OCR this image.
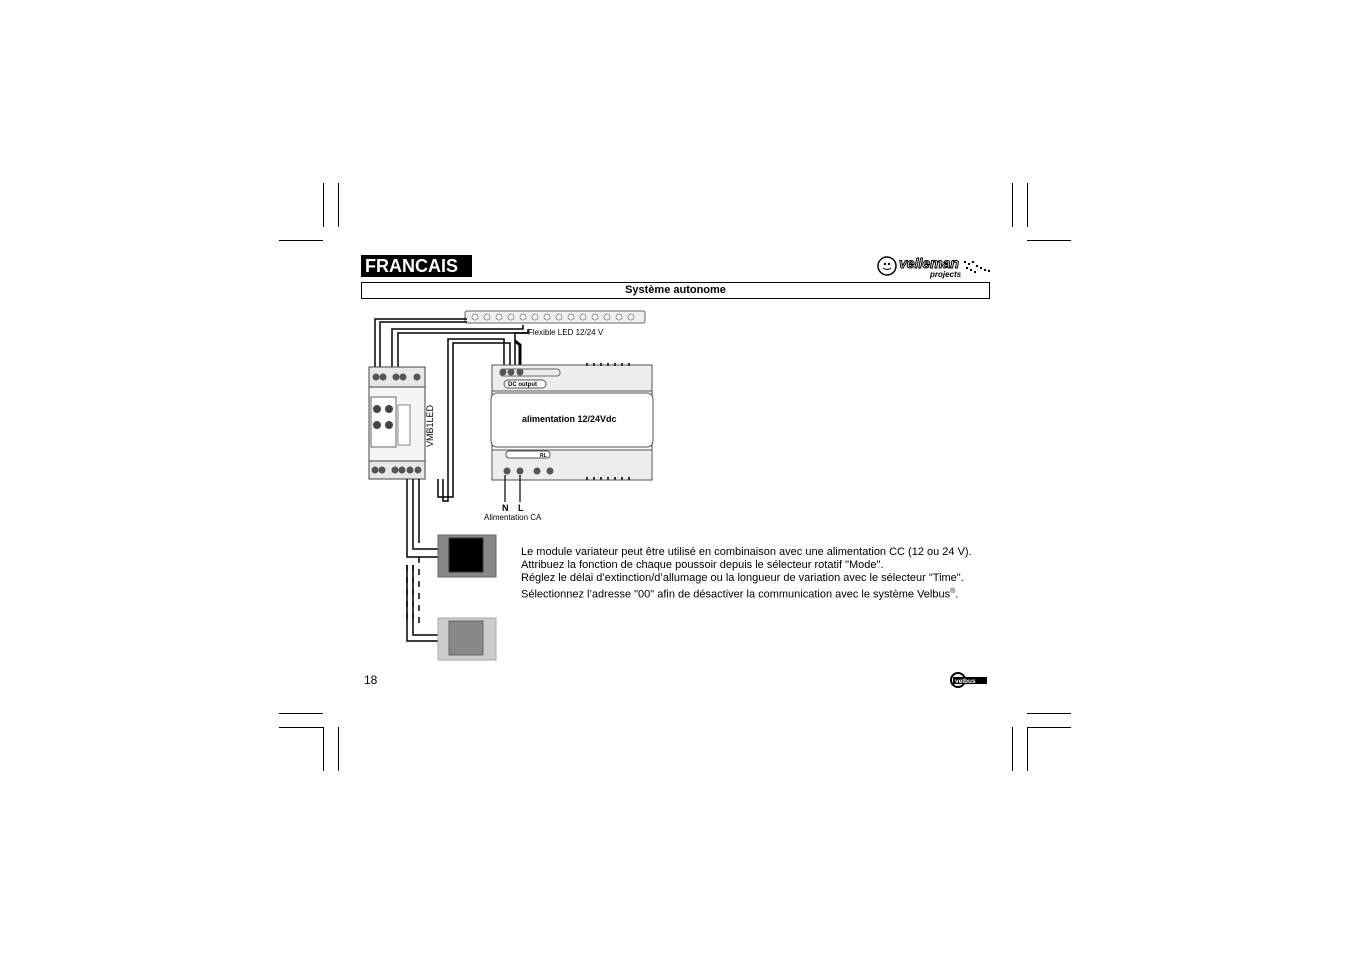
FRANCAIS	velleman
projects
Système autonome
Flexible LED 12/24 V
VMB1LED
DC output
alimentation 12/24Vdc
RL
N L
Alimentation CA

Le module variateur peut être utilisé en combinaison avec une alimentation CC (12 ou 24 V).

Attribuez la fonction de chaque poussoir depuis le sélecteur rotatif "Mode".

Réglez le délai d’extinction/d’allumage ou la longueur de variation avec le sélecteur "Time".

Sélectionnez l’adresse "00" afin de désactiver la communication avec le système Velbus®.

18	velbus
